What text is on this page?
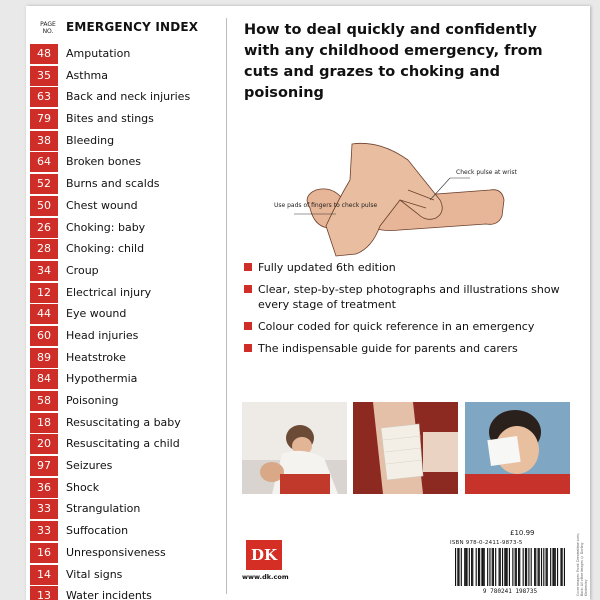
PAGE NO.	EMERGENCY INDEX
48	Amputation
35	Asthma
63	Back and neck injuries
79	Bites and stings
38	Bleeding
64	Broken bones
52	Burns and scalds
50	Chest wound
26	Choking: baby
28	Choking: child
34	Croup
12	Electrical injury
44	Eye wound
60	Head injuries
89	Heatstroke
84	Hypothermia
58	Poisoning
18	Resuscitating a baby
20	Resuscitating a child
97	Seizures
36	Shock
33	Strangulation
33	Suffocation
16	Unresponsiveness
14	Vital signs
13	Water incidents
How to deal quickly and confidently with any childhood emergency, from cuts and grazes to choking and poisoning
Check pulse at wrist
Use pads of fingers to check pulse
Fully updated 6th edition
Clear, step-by-step photographs and illustrations show every stage of treatment
Colour coded for quick reference in an emergency
The indispensable guide for parents and carers
DK
www.dk.com
£10.99
ISBN 978-0-2411-9873-5
9 780241 198735	Cover images: Front: Dreamstime.com; Back: All other images © Dorling Kindersley
